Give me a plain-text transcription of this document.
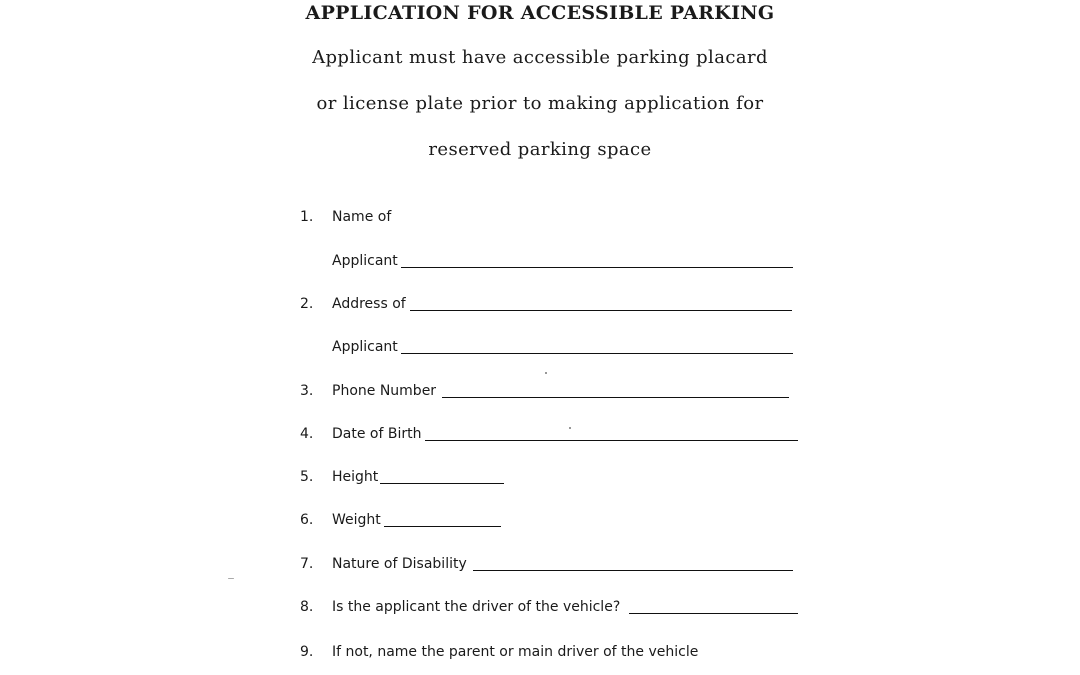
APPLICATION FOR ACCESSIBLE PARKING
Applicant must have accessible parking placard
or license plate prior to making application for
reserved parking space
1.	Name of
Applicant
2.	Address of
Applicant
3.	Phone Number
4.	Date of Birth
5.	Height
6.	Weight
7.	Nature of Disability
8.	Is the applicant the driver of the vehicle?
9.	If not, name the parent or main driver of the vehicle
